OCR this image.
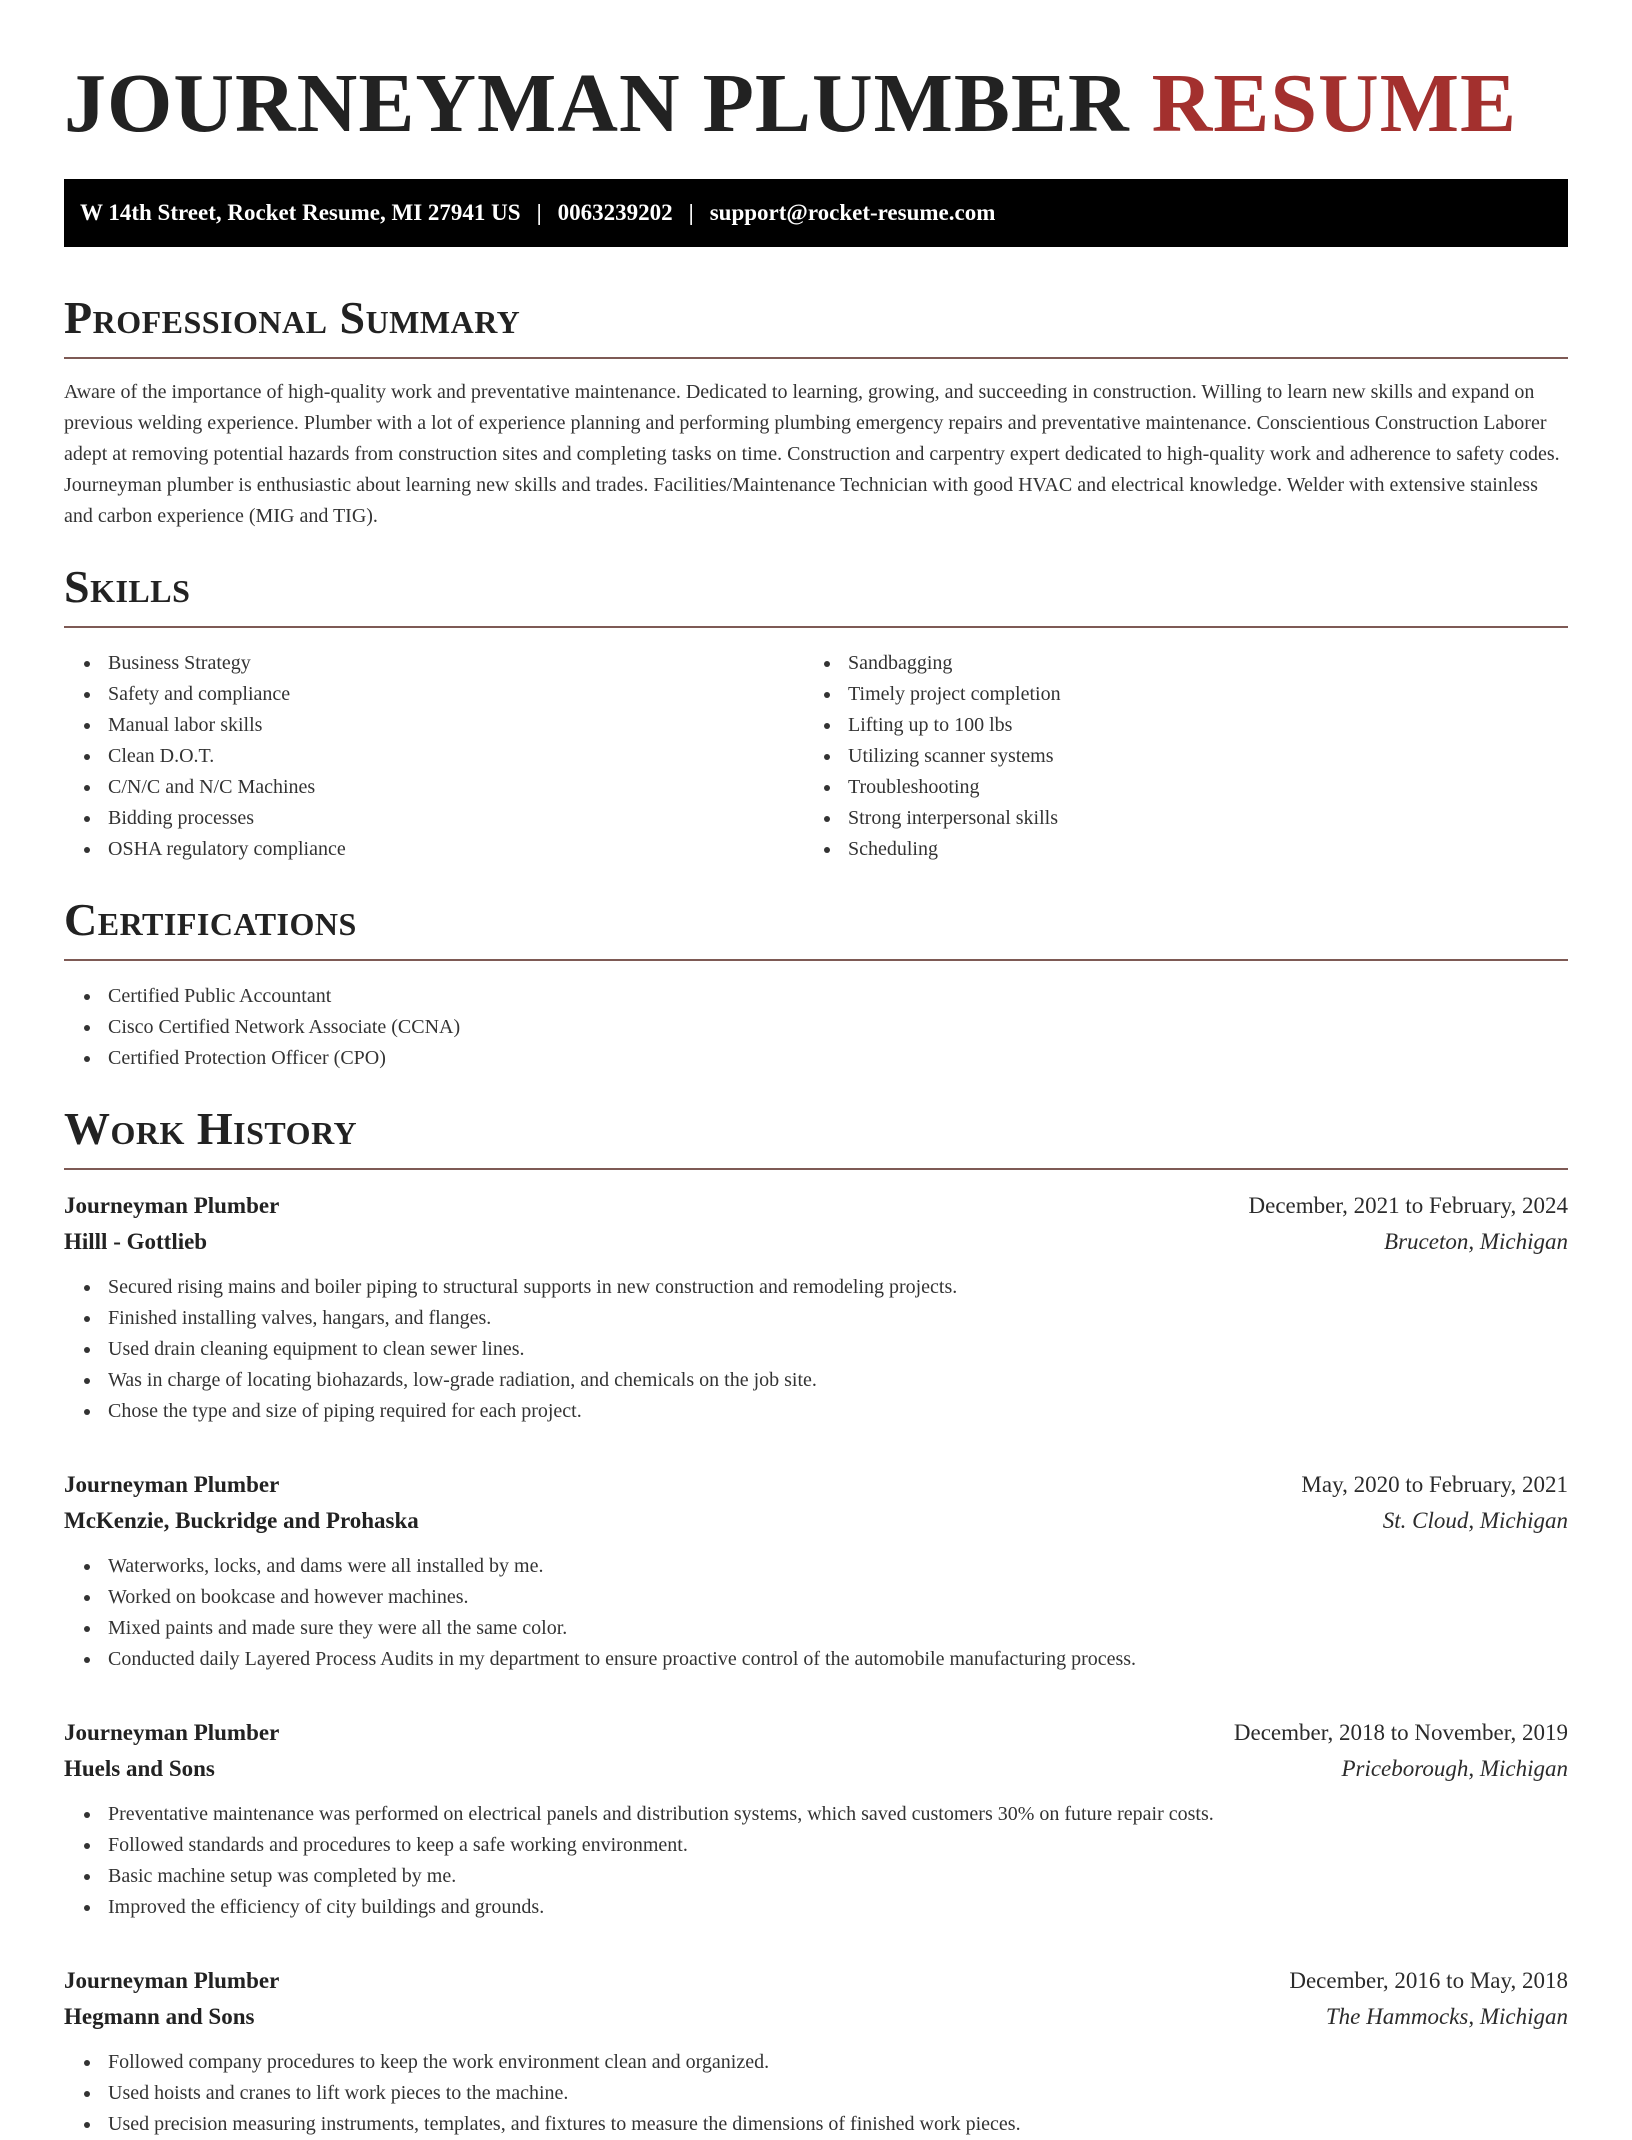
JOURNEYMAN PLUMBER RESUME
W 14th Street, Rocket Resume, MI 27941 US | 0063239202 | support@rocket-resume.com
Professional Summary

Aware of the importance of high-quality work and preventative maintenance. Dedicated to learning, growing, and succeeding in construction. Willing to learn new skills and expand on previous welding experience. Plumber with a lot of experience planning and performing plumbing emergency repairs and preventative maintenance. Conscientious Construction Laborer adept at removing potential hazards from construction sites and completing tasks on time. Construction and carpentry expert dedicated to high-quality work and adherence to safety codes. Journeyman plumber is enthusiastic about learning new skills and trades. Facilities/Maintenance Technician with good HVAC and electrical knowledge. Welder with extensive stainless and carbon experience (MIG and TIG).

Skills
Business Strategy
Safety and compliance
Manual labor skills
Clean D.O.T.
C/N/C and N/C Machines
Bidding processes
OSHA regulatory compliance
Sandbagging
Timely project completion
Lifting up to 100 lbs
Utilizing scanner systems
Troubleshooting
Strong interpersonal skills
Scheduling
Certifications
Certified Public Accountant
Cisco Certified Network Associate (CCNA)
Certified Protection Officer (CPO)
Work History
Journeyman Plumber	December, 2021 to February, 2024
Hilll - Gottlieb	Bruceton, Michigan
Secured rising mains and boiler piping to structural supports in new construction and remodeling projects.
Finished installing valves, hangars, and flanges.
Used drain cleaning equipment to clean sewer lines.
Was in charge of locating biohazards, low-grade radiation, and chemicals on the job site.
Chose the type and size of piping required for each project.
Journeyman Plumber	May, 2020 to February, 2021
McKenzie, Buckridge and Prohaska	St. Cloud, Michigan
Waterworks, locks, and dams were all installed by me.
Worked on bookcase and however machines.
Mixed paints and made sure they were all the same color.
Conducted daily Layered Process Audits in my department to ensure proactive control of the automobile manufacturing process.
Journeyman Plumber	December, 2018 to November, 2019
Huels and Sons	Priceborough, Michigan
Preventative maintenance was performed on electrical panels and distribution systems, which saved customers 30% on future repair costs.
Followed standards and procedures to keep a safe working environment.
Basic machine setup was completed by me.
Improved the efficiency of city buildings and grounds.
Journeyman Plumber	December, 2016 to May, 2018
Hegmann and Sons	The Hammocks, Michigan
Followed company procedures to keep the work environment clean and organized.
Used hoists and cranes to lift work pieces to the machine.
Used precision measuring instruments, templates, and fixtures to measure the dimensions of finished work pieces.
